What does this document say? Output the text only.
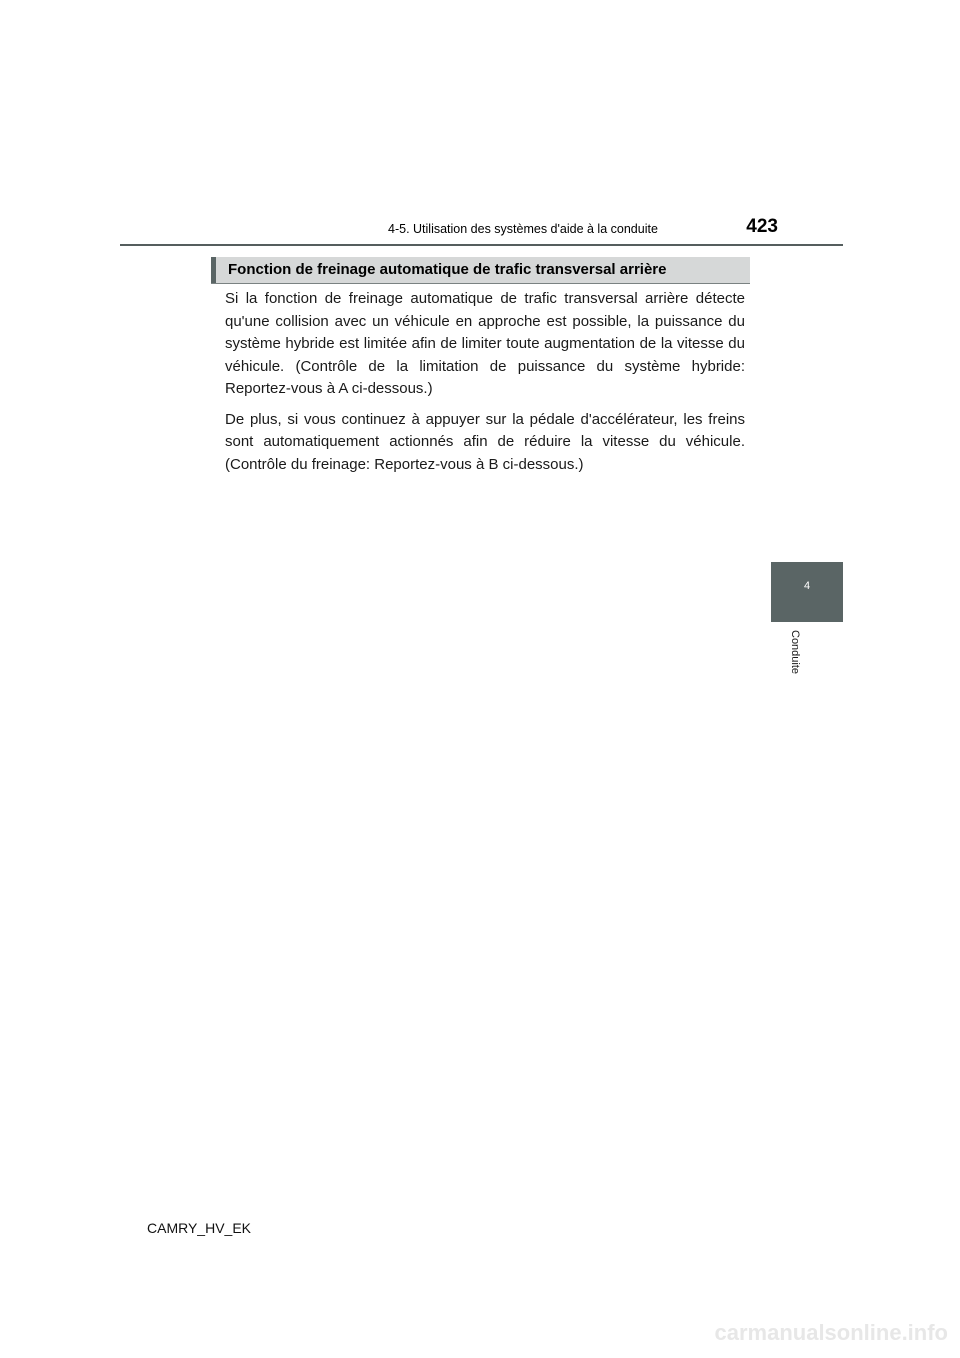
4-5. Utilisation des systèmes d'aide à la conduite	423
Fonction de freinage automatique de trafic transversal arrière

Si la fonction de freinage automatique de trafic transversal arrière détecte qu'une collision avec un véhicule en approche est possible, la puissance du système hybride est limitée afin de limiter toute augmentation de la vitesse du véhicule. (Contrôle de la limitation de puissance du système hybride: Reportez-vous à A ci-dessous.)

De plus, si vous continuez à appuyer sur la pédale d'accélérateur, les freins sont automatiquement actionnés afin de réduire la vitesse du véhicule. (Contrôle du freinage: Reportez-vous à B ci-dessous.)

4
Conduite
CAMRY_HV_EK
carmanualsonline.info
